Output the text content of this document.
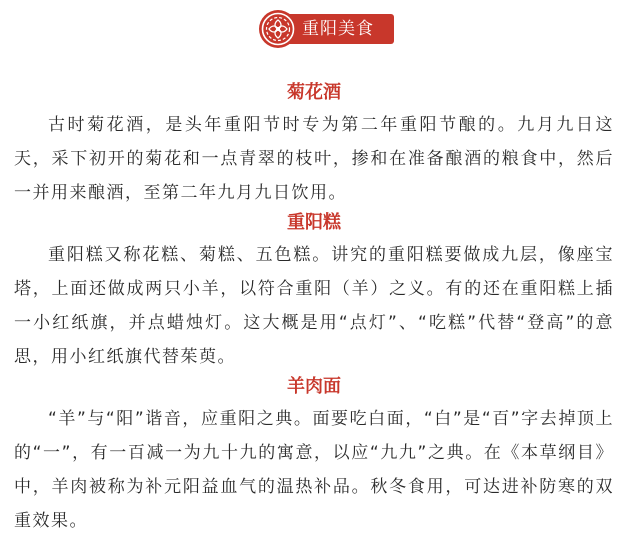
重阳美食
菊花酒

古时菊花酒，是头年重阳节时专为第二年重阳节酿的。九月九日这天，采下初开的菊花和一点青翠的枝叶，掺和在准备酿酒的粮食中，然后一并用来酿酒，至第二年九月九日饮用。

重阳糕

重阳糕又称花糕、菊糕、五色糕。讲究的重阳糕要做成九层，像座宝塔，上面还做成两只小羊，以符合重阳（羊）之义。有的还在重阳糕上插一小红纸旗，并点蜡烛灯。这大概是用“点灯”、“吃糕”代替“登高”的意思，用小红纸旗代替茱萸。

羊肉面

“羊”与“阳”谐音，应重阳之典。面要吃白面，“白”是“百”字去掉顶上的“一”，有一百减一为九十九的寓意，以应“九九”之典。在《本草纲目》中，羊肉被称为补元阳益血气的温热补品。秋冬食用，可达进补防寒的双重效果。
